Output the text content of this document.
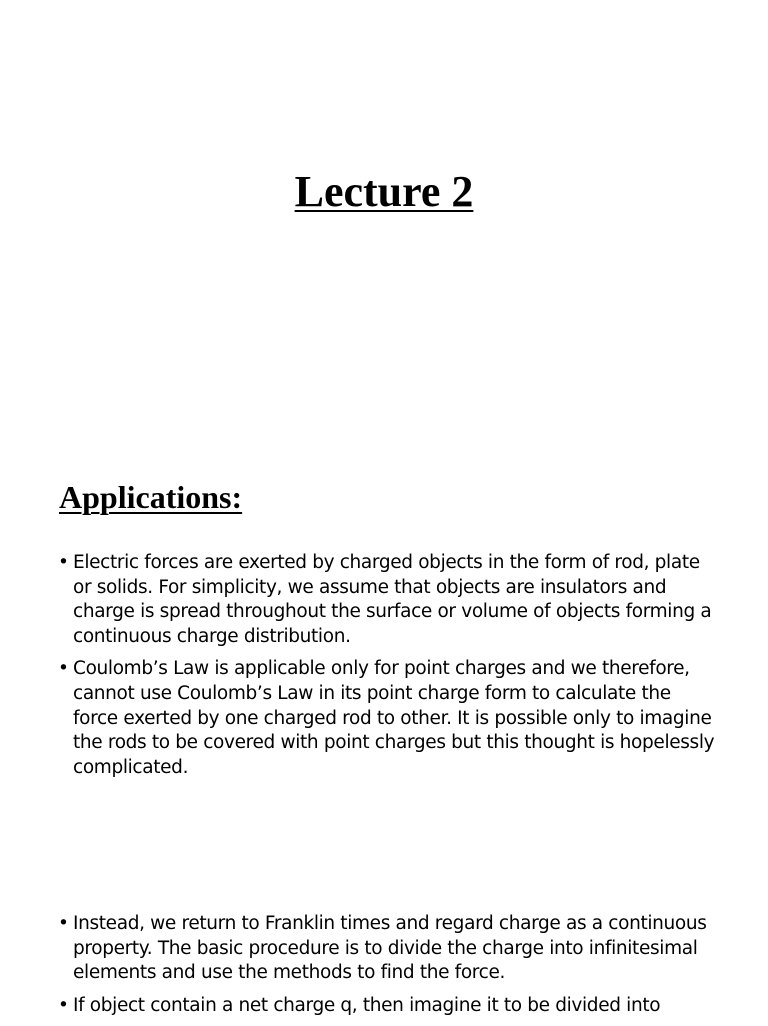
Lecture 2
Applications:
• Electric forces are exerted by charged objects in the form of rod, plate or solids. For simplicity, we assume that objects are insulators and charge is spread throughout the surface or volume of objects forming a continuous charge distribution.
• Coulomb’s Law is applicable only for point charges and we therefore, cannot use Coulomb’s Law in its point charge form to calculate the force exerted by one charged rod to other. It is possible only to imagine the rods to be covered with point charges but this thought is hopelessly complicated.
• Instead, we return to Franklin times and regard charge as a continuous property. The basic procedure is to divide the charge into infinitesimal elements and use the methods to find the force.
• If object contain a net charge q, then imagine it to be divided into
